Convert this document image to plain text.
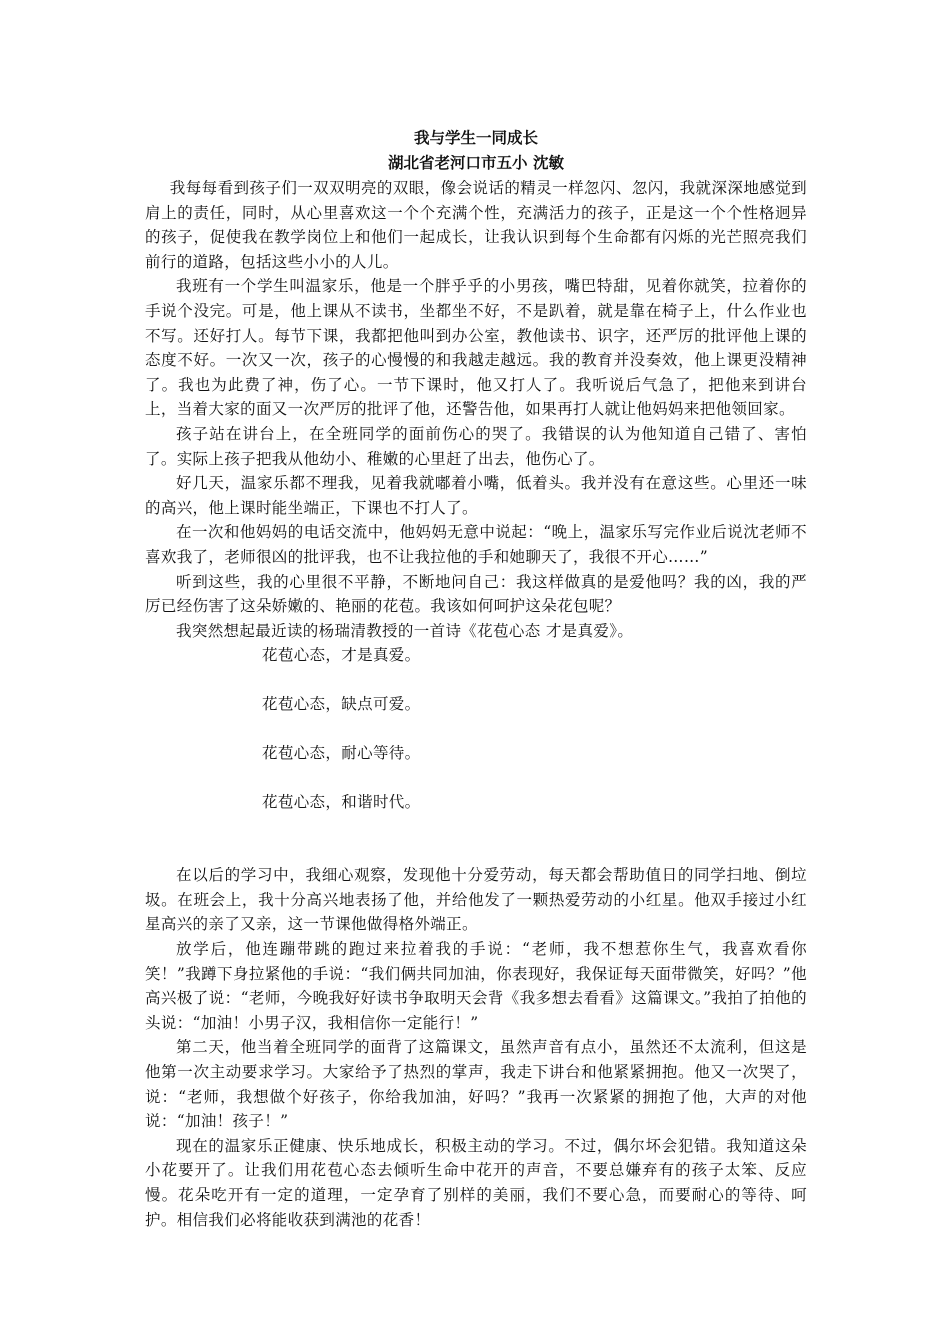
我与学生一同成长

湖北省老河口市五小 沈敏

我每每看到孩子们一双双明亮的双眼，像会说话的精灵一样忽闪、忽闪，我就深深地感觉到肩上的责任，同时，从心里喜欢这一个个充满个性，充满活力的孩子，正是这一个个性格迥异的孩子，促使我在教学岗位上和他们一起成长，让我认识到每个生命都有闪烁的光芒照亮我们前行的道路，包括这些小小的人儿。

我班有一个学生叫温家乐，他是一个胖乎乎的小男孩，嘴巴特甜，见着你就笑，拉着你的手说个没完。可是，他上课从不读书，坐都坐不好，不是趴着，就是靠在椅子上，什么作业也不写。还好打人。每节下课，我都把他叫到办公室，教他读书、识字，还严厉的批评他上课的态度不好。一次又一次，孩子的心慢慢的和我越走越远。我的教育并没奏效，他上课更没精神了。我也为此费了神，伤了心。一节下课时，他又打人了。我听说后气急了，把他来到讲台上，当着大家的面又一次严厉的批评了他，还警告他，如果再打人就让他妈妈来把他领回家。

孩子站在讲台上，在全班同学的面前伤心的哭了。我错误的认为他知道自己错了、害怕了。实际上孩子把我从他幼小、稚嫩的心里赶了出去，他伤心了。

好几天，温家乐都不理我，见着我就嘟着小嘴，低着头。我并没有在意这些。心里还一味的高兴，他上课时能坐端正，下课也不打人了。

在一次和他妈妈的电话交流中，他妈妈无意中说起：“晚上，温家乐写完作业后说沈老师不喜欢我了，老师很凶的批评我，也不让我拉他的手和她聊天了，我很不开心……”

听到这些，我的心里很不平静，不断地问自己：我这样做真的是爱他吗？我的凶，我的严厉已经伤害了这朵娇嫩的、艳丽的花苞。我该如何呵护这朵花包呢？

我突然想起最近读的杨瑞清教授的一首诗《花苞心态 才是真爱》。

花苞心态，才是真爱。

花苞心态，缺点可爱。

花苞心态，耐心等待。

花苞心态，和谐时代。

在以后的学习中，我细心观察，发现他十分爱劳动，每天都会帮助值日的同学扫地、倒垃圾。在班会上，我十分高兴地表扬了他，并给他发了一颗热爱劳动的小红星。他双手接过小红星高兴的亲了又亲，这一节课他做得格外端正。

放学后，他连蹦带跳的跑过来拉着我的手说：“老师，我不想惹你生气，我喜欢看你笑！”我蹲下身拉紧他的手说：“我们俩共同加油，你表现好，我保证每天面带微笑，好吗？”他高兴极了说：“老师，今晚我好好读书争取明天会背《我多想去看看》这篇课文。”我拍了拍他的头说：“加油！小男子汉，我相信你一定能行！”

第二天，他当着全班同学的面背了这篇课文，虽然声音有点小，虽然还不太流利，但这是他第一次主动要求学习。大家给予了热烈的掌声，我走下讲台和他紧紧拥抱。他又一次哭了，说：“老师，我想做个好孩子，你给我加油，好吗？”我再一次紧紧的拥抱了他，大声的对他说：“加油！孩子！”

现在的温家乐正健康、快乐地成长，积极主动的学习。不过，偶尔坏会犯错。我知道这朵小花要开了。让我们用花苞心态去倾听生命中花开的声音，不要总嫌弃有的孩子太笨、反应慢。花朵吃开有一定的道理，一定孕育了别样的美丽，我们不要心急，而要耐心的等待、呵护。相信我们必将能收获到满池的花香！
